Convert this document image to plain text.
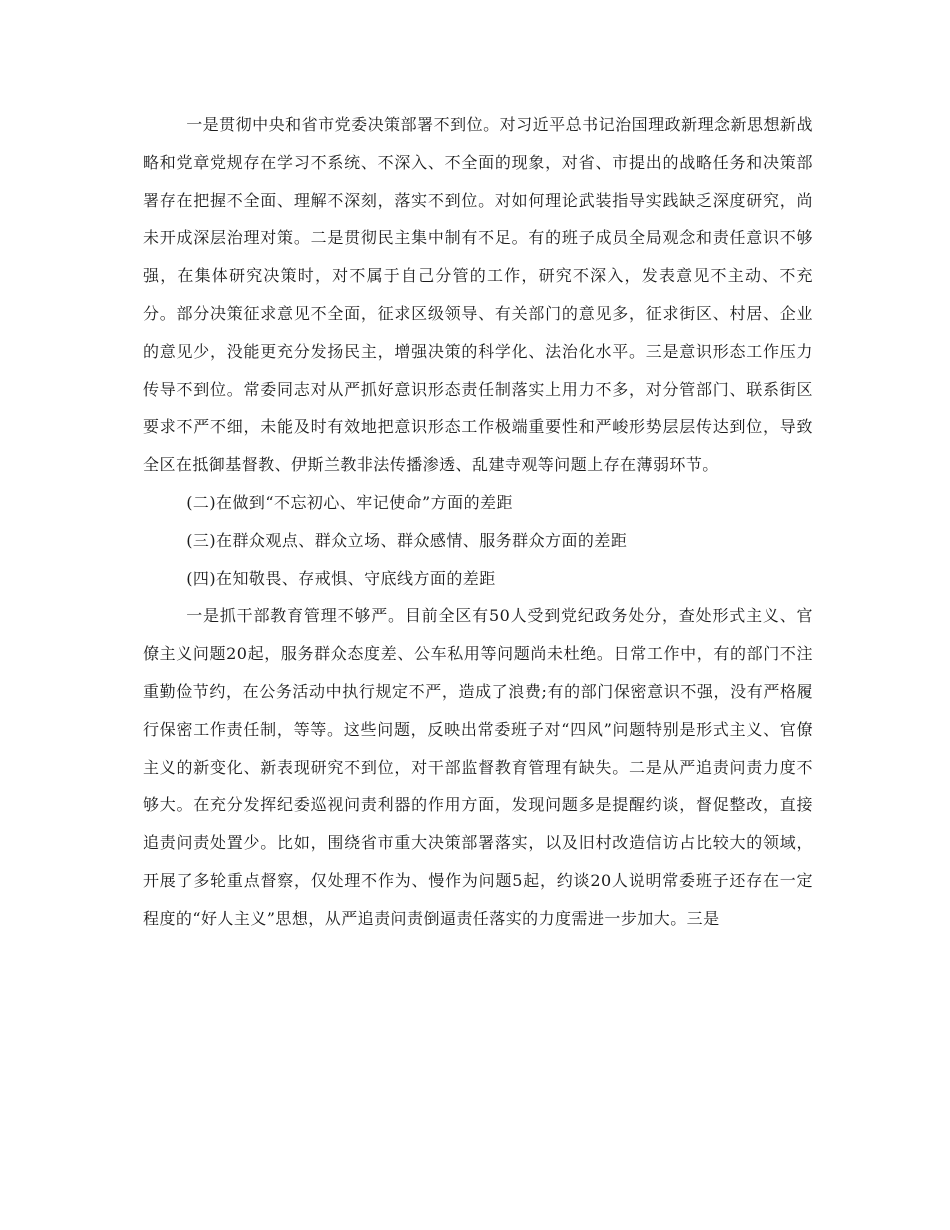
一是贯彻中央和省市党委决策部署不到位。对习近平总书记治国理政新理念新思想新战略和党章党规存在学习不系统、不深入、不全面的现象，对省、市提出的战略任务和决策部署存在把握不全面、理解不深刻，落实不到位。对如何理论武装指导实践缺乏深度研究，尚未开成深层治理对策。二是贯彻民主集中制有不足。有的班子成员全局观念和责任意识不够强，在集体研究决策时，对不属于自己分管的工作，研究不深入，发表意见不主动、不充分。部分决策征求意见不全面，征求区级领导、有关部门的意见多，征求街区、村居、企业的意见少，没能更充分发扬民主，增强决策的科学化、法治化水平。三是意识形态工作压力传导不到位。常委同志对从严抓好意识形态责任制落实上用力不多，对分管部门、联系街区要求不严不细，未能及时有效地把意识形态工作极端重要性和严峻形势层层传达到位，导致全区在抵御基督教、伊斯兰教非法传播渗透、乱建寺观等问题上存在薄弱环节。

(二)在做到“不忘初心、牢记使命”方面的差距

(三)在群众观点、群众立场、群众感情、服务群众方面的差距

(四)在知敬畏、存戒惧、守底线方面的差距

一是抓干部教育管理不够严。目前全区有50人受到党纪政务处分，查处形式主义、官僚主义问题20起，服务群众态度差、公车私用等问题尚未杜绝。日常工作中，有的部门不注重勤俭节约，在公务活动中执行规定不严，造成了浪费;有的部门保密意识不强，没有严格履行保密工作责任制，等等。这些问题，反映出常委班子对“四风”问题特别是形式主义、官僚主义的新变化、新表现研究不到位，对干部监督教育管理有缺失。二是从严追责问责力度不够大。在充分发挥纪委巡视问责利器的作用方面，发现问题多是提醒约谈，督促整改，直接追责问责处置少。比如，围绕省市重大决策部署落实，以及旧村改造信访占比较大的领域，开展了多轮重点督察，仅处理不作为、慢作为问题5起，约谈20人说明常委班子还存在一定程度的“好人主义”思想，从严追责问责倒逼责任落实的力度需进一步加大。三是
